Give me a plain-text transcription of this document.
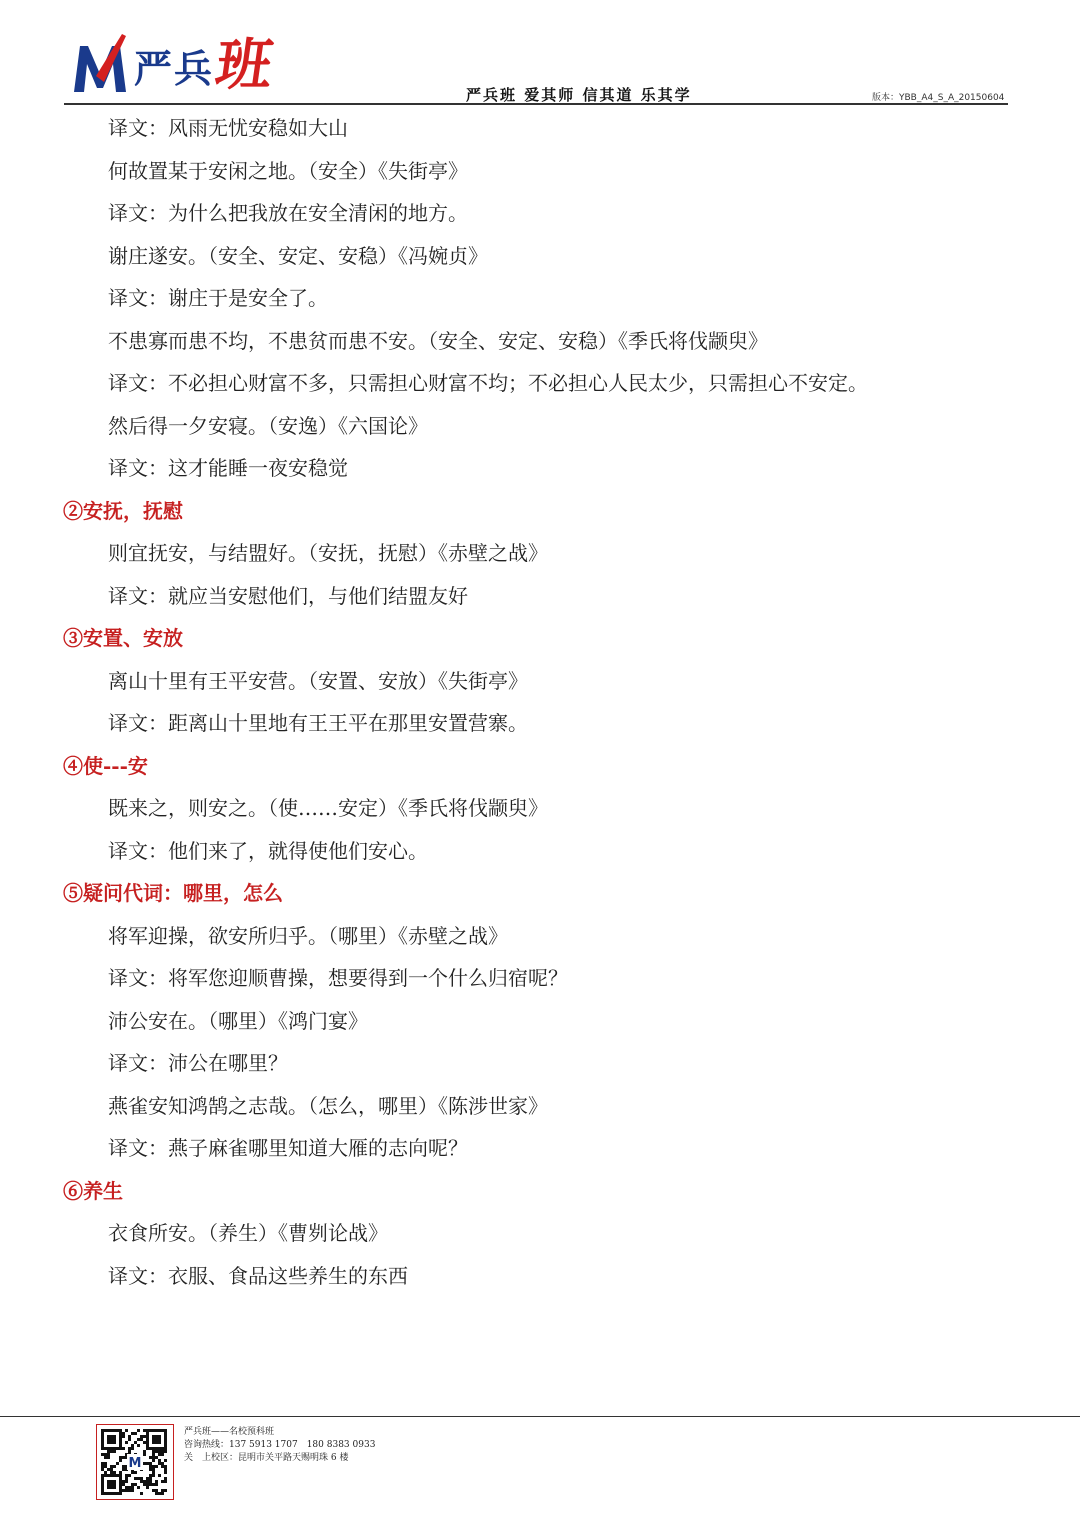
严兵
班	严兵班 爱其师 信其道 乐其学	版本：YBB_A4_S_A_20150604
译文：风雨无忧安稳如大山
何故置某于安闲之地。（安全）《失街亭》
译文：为什么把我放在安全清闲的地方。
谢庄遂安。（安全、安定、安稳）《冯婉贞》
译文：谢庄于是安全了。
不患寡而患不均，不患贫而患不安。（安全、安定、安稳）《季氏将伐颛臾》
译文：不必担心财富不多，只需担心财富不均；不必担心人民太少，只需担心不安定。
然后得一夕安寝。（安逸）《六国论》
译文：这才能睡一夜安稳觉
②安抚，抚慰
则宜抚安，与结盟好。（安抚，抚慰）《赤壁之战》
译文：就应当安慰他们，与他们结盟友好
③安置、安放
离山十里有王平安营。（安置、安放）《失街亭》
译文：距离山十里地有王王平在那里安置营寨。
④使---安
既来之，则安之。（使……安定）《季氏将伐颛臾》
译文：他们来了，就得使他们安心。
⑤疑问代词：哪里，怎么
将军迎操，欲安所归乎。（哪里）《赤壁之战》
译文：将军您迎顺曹操，想要得到一个什么归宿呢？
沛公安在。（哪里）《鸿门宴》
译文：沛公在哪里？
燕雀安知鸿鹄之志哉。（怎么，哪里）《陈涉世家》
译文：燕子麻雀哪里知道大雁的志向呢？
⑥养生
衣食所安。（养生）《曹刿论战》
译文：衣服、食品这些养生的东西
M
严兵班——名校预科班
咨询热线：137 5913 1707　180 8383 0933
关　上校区：昆明市关平路天赐明珠 6 楼
